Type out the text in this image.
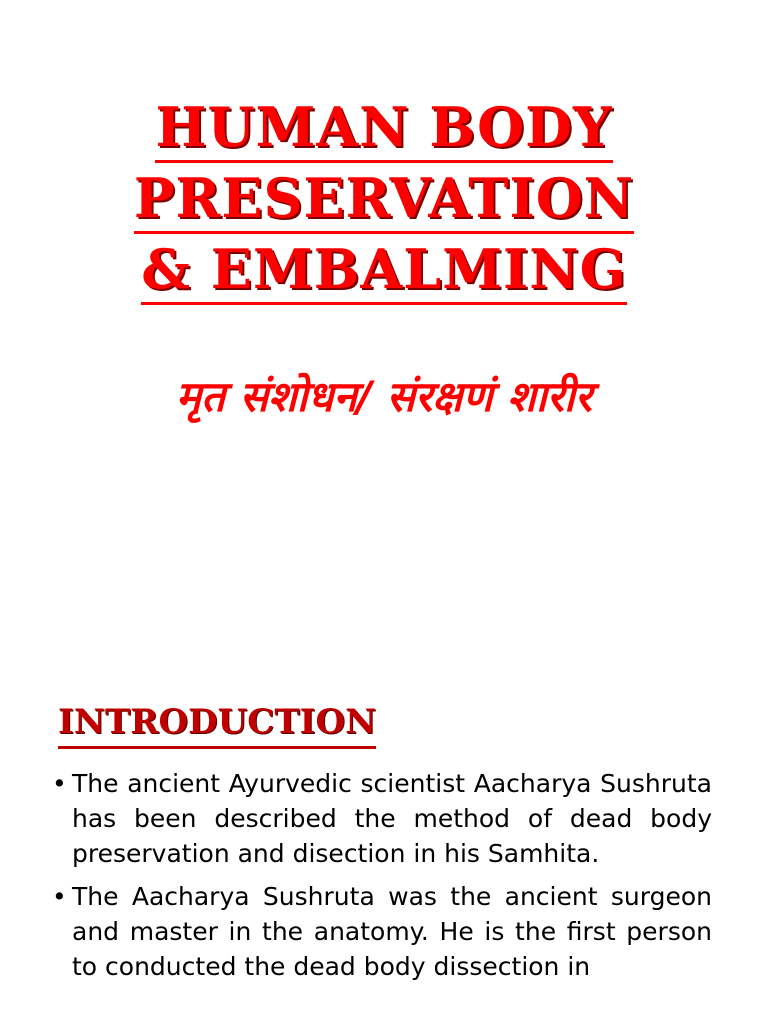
HUMAN BODY
PRESERVATION
& EMBALMING

मृत संशोधन/ संरक्षणं शारीर

INTRODUCTION
• The ancient Ayurvedic scientist Aacharya Sushruta has been described the method of dead body preservation and disection in his Samhita.
• The Aacharya Sushruta was the ancient surgeon and master in the anatomy. He is the first person to conducted the dead body dissection in
